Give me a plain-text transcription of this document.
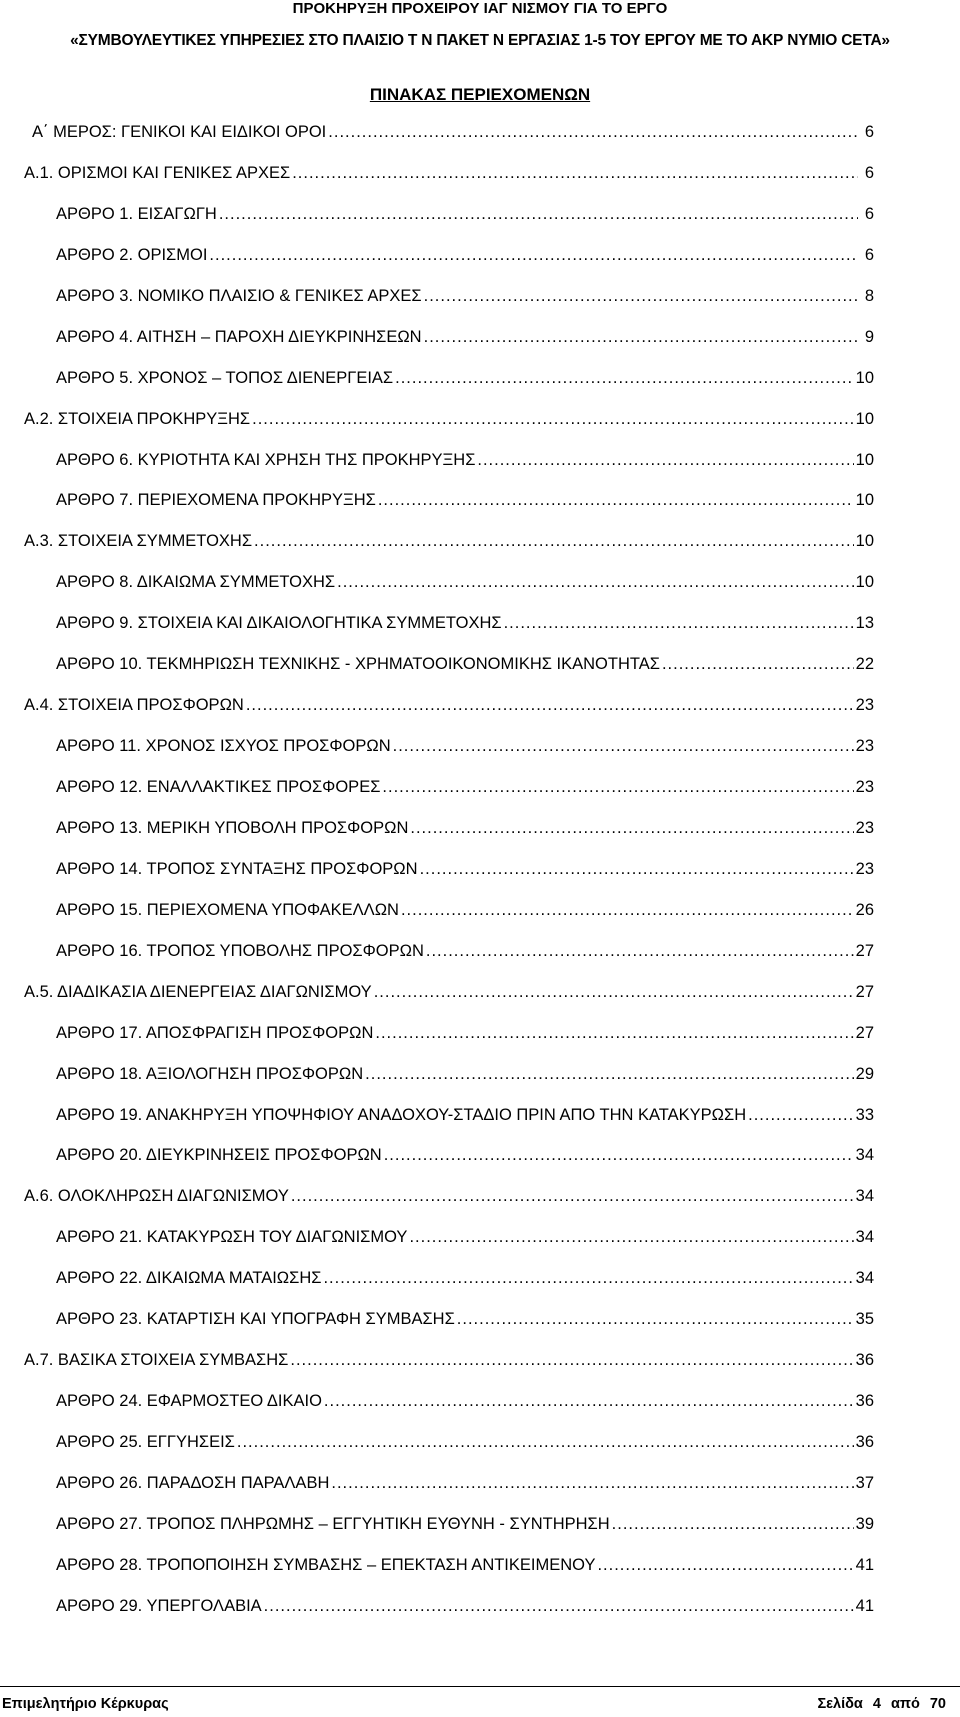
ΠΡΟΚΗΡΥΞΗ ΠΡΟΧΕΙΡΟΥ ΙΑΓ ΝΙΣΜΟΥ ΓΙΑ ΤΟ ΕΡΓΟ
«ΣΥΜΒΟΥΛΕΥΤΙΚΕΣ ΥΠΗΡΕΣΙΕΣ ΣΤΟ ΠΛΑΙΣΙΟ Τ Ν ΠΑΚΕΤ Ν ΕΡΓΑΣΙΑΣ 1-5 ΤΟΥ ΕΡΓΟΥ ΜΕ ΤΟ ΑΚΡ ΝΥΜΙΟ CETA»
ΠΙΝΑΚΑΣ ΠΕΡΙΕΧΟΜΕΝΩΝ
Α΄ ΜΕΡΟΣ: ΓΕΝΙΚΟΙ ΚΑΙ ΕΙΔΙΚΟΙ ΟΡΟΙ .....	6
Α.1. ΟΡΙΣΜΟΙ ΚΑΙ ΓΕΝΙΚΕΣ ΑΡΧΕΣ .....	6
ΑΡΘΡΟ 1. ΕΙΣΑΓΩΓΗ .....	6
ΑΡΘΡΟ 2. ΟΡΙΣΜΟΙ .....	6
ΑΡΘΡΟ 3. ΝΟΜΙΚΟ ΠΛΑΙΣΙΟ & ΓΕΝΙΚΕΣ ΑΡΧΕΣ .....	8
ΑΡΘΡΟ 4. ΑΙΤΗΣΗ – ΠΑΡΟΧΗ ΔΙΕΥΚΡΙΝΗΣΕΩΝ .....	9
ΑΡΘΡΟ 5. ΧΡΟΝΟΣ – ΤΟΠΟΣ ΔΙΕΝΕΡΓΕΙΑΣ .....	10
Α.2. ΣΤΟΙΧΕΙΑ ΠΡΟΚΗΡΥΞΗΣ .....	10
ΑΡΘΡΟ 6. ΚΥΡΙΟΤΗΤΑ ΚΑΙ ΧΡΗΣΗ ΤΗΣ ΠΡΟΚΗΡΥΞΗΣ .....	10
ΑΡΘΡΟ 7. ΠΕΡΙΕΧΟΜΕΝΑ ΠΡΟΚΗΡΥΞΗΣ .....	10
Α.3. ΣΤΟΙΧΕΙΑ ΣΥΜΜΕΤΟΧΗΣ .....	10
ΑΡΘΡΟ 8. ΔΙΚΑΙΩΜΑ ΣΥΜΜΕΤΟΧΗΣ .....	10
ΑΡΘΡΟ 9. ΣΤΟΙΧΕΙΑ ΚΑΙ ΔΙΚΑΙΟΛΟΓΗΤΙΚΑ ΣΥΜΜΕΤΟΧΗΣ .....	13
ΑΡΘΡΟ 10. ΤΕΚΜΗΡΙΩΣΗ ΤΕΧΝΙΚΗΣ - ΧΡΗΜΑΤΟΟΙΚΟΝΟΜΙΚΗΣ ΙΚΑΝΟΤΗΤΑΣ .....	22
Α.4. ΣΤΟΙΧΕΙΑ ΠΡΟΣΦΟΡΩΝ .....	23
ΑΡΘΡΟ 11. ΧΡΟΝΟΣ ΙΣΧΥΟΣ ΠΡΟΣΦΟΡΩΝ .....	23
ΑΡΘΡΟ 12. ΕΝΑΛΛΑΚΤΙΚΕΣ ΠΡΟΣΦΟΡΕΣ .....	23
ΑΡΘΡΟ 13. ΜΕΡΙΚΗ ΥΠΟΒΟΛΗ ΠΡΟΣΦΟΡΩΝ .....	23
ΑΡΘΡΟ 14. ΤΡΟΠΟΣ ΣΥΝΤΑΞΗΣ ΠΡΟΣΦΟΡΩΝ .....	23
ΑΡΘΡΟ 15. ΠΕΡΙΕΧΟΜΕΝΑ ΥΠΟΦΑΚΕΛΛΩΝ .....	26
ΑΡΘΡΟ 16. ΤΡΟΠΟΣ ΥΠΟΒΟΛΗΣ ΠΡΟΣΦΟΡΩΝ .....	27
Α.5. ΔΙΑΔΙΚΑΣΙΑ ΔΙΕΝΕΡΓΕΙΑΣ ΔΙΑΓΩΝΙΣΜΟΥ .....	27
ΑΡΘΡΟ 17. ΑΠΟΣΦΡΑΓΙΣΗ ΠΡΟΣΦΟΡΩΝ .....	27
ΑΡΘΡΟ 18. ΑΞΙΟΛΟΓΗΣΗ ΠΡΟΣΦΟΡΩΝ .....	29
ΑΡΘΡΟ 19. ΑΝΑΚΗΡΥΞΗ ΥΠΟΨΗΦΙΟΥ ΑΝΑΔΟΧΟΥ-ΣΤΑΔΙΟ ΠΡΙΝ ΑΠΟ ΤΗΝ ΚΑΤΑΚΥΡΩΣΗ .....	33
ΑΡΘΡΟ 20. ΔΙΕΥΚΡΙΝΗΣΕΙΣ ΠΡΟΣΦΟΡΩΝ .....	34
Α.6. ΟΛΟΚΛΗΡΩΣΗ ΔΙΑΓΩΝΙΣΜΟΥ .....	34
ΑΡΘΡΟ 21. ΚΑΤΑΚΥΡΩΣΗ ΤΟΥ ΔΙΑΓΩΝΙΣΜΟΥ .....	34
ΑΡΘΡΟ 22. ΔΙΚΑΙΩΜΑ ΜΑΤΑΙΩΣΗΣ .....	34
ΑΡΘΡΟ 23. ΚΑΤΑΡΤΙΣΗ ΚΑΙ ΥΠΟΓΡΑΦΗ ΣΥΜΒΑΣΗΣ .....	35
Α.7. ΒΑΣΙΚΑ ΣΤΟΙΧΕΙΑ ΣΥΜΒΑΣΗΣ .....	36
ΑΡΘΡΟ 24. ΕΦΑΡΜΟΣΤΕΟ ΔΙΚΑΙΟ .....	36
ΑΡΘΡΟ 25. ΕΓΓΥΗΣΕΙΣ .....	36
ΑΡΘΡΟ 26. ΠΑΡΑΔΟΣΗ ΠΑΡΑΛΑΒΗ .....	37
ΑΡΘΡΟ 27. ΤΡΟΠΟΣ ΠΛΗΡΩΜΗΣ – ΕΓΓΥΗΤΙΚΗ ΕΥΘΥΝΗ - ΣΥΝΤΗΡΗΣΗ .....	39
ΑΡΘΡΟ 28. ΤΡΟΠΟΠΟΙΗΣΗ ΣΥΜΒΑΣΗΣ – ΕΠΕΚΤΑΣΗ ΑΝΤΙΚΕΙΜΕΝΟΥ .....	41
ΑΡΘΡΟ 29. ΥΠΕΡΓΟΛΑΒΙΑ .....	41
Επιμελητήριο Κέρκυρας	Σελίδα 4 από 70
